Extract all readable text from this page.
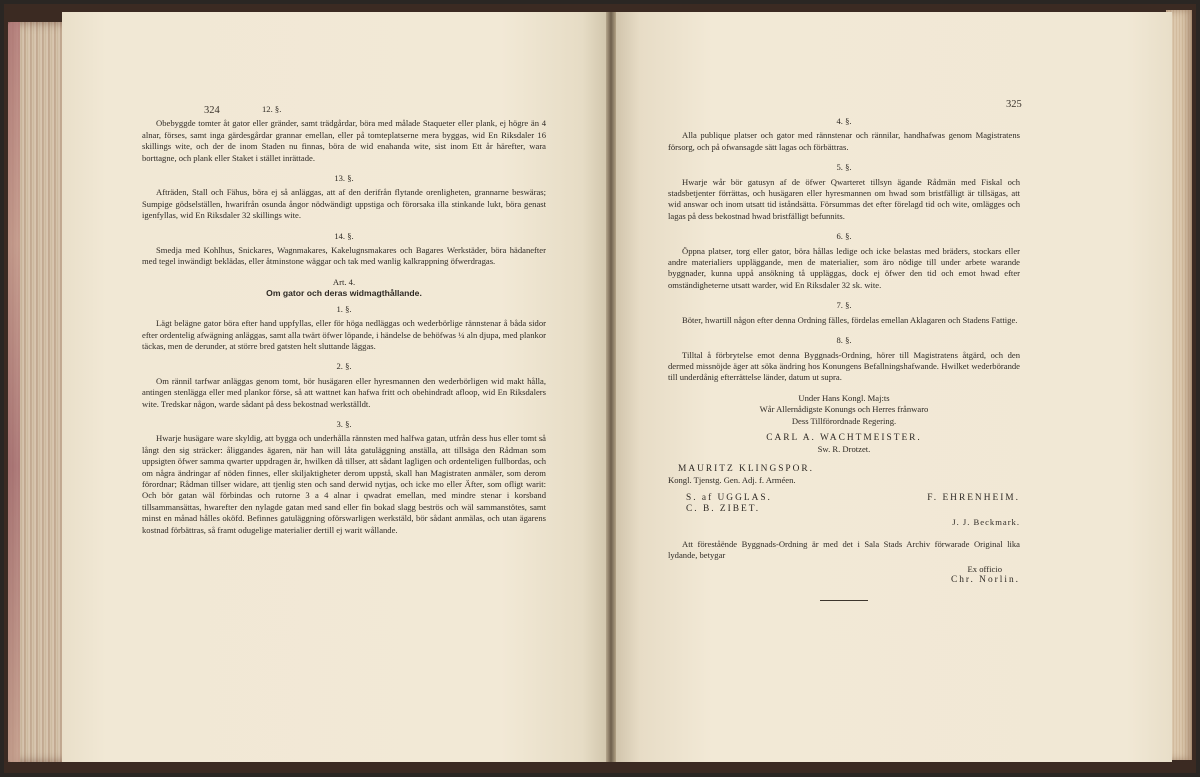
324
325
12. §.

Obebyggde tomter åt gator eller gränder, samt trädgårdar, böra med målade Staqueter eller plank, ej högre än 4 alnar, förses, samt inga gärdesgårdar grannar emellan, eller på tomteplatserne mera byggas, wid En Riksdaler 16 skillings wite, och der de inom Staden nu finnas, böra de wid enahanda wite, sist inom Ett år härefter, wara borttagne, och plank eller Staket i stället inrättade.

13. §.

Afträden, Stall och Fähus, böra ej så anläggas, att af den derifrån flytande orenligheten, grannarne beswäras; Sumpige gödselställen, hwarifrån osunda ångor nödwändigt uppstiga och förorsaka illa stinkande lukt, böra genast igenfyllas, wid En Riksdaler 32 skillings wite.

14. §.

Smedja med Kohlhus, Snickares, Wagnmakares, Kakelugnsmakares och Bagares Werkstäder, böra hädanefter med tegel inwändigt beklädas, eller åtminstone wäggar och tak med wanlig kalkrappning öfwerdragas.

Art. 4.
Om gator och deras widmagthållande.
1. §.

Lägt belägne gator böra efter hand uppfyllas, eller för höga nedläggas och wederbörlige rännstenar å båda sidor efter ordentelig afwägning anläggas, samt alla twärt öfwer löpande, i händelse de behöfwas ¼ aln djupa, med plankor täckas, men de derunder, at större bred gatsten helt sluttande läggas.

2. §.

Om rännil tarfwar anläggas genom tomt, bör husägaren eller hyresmannen den wederbörligen wid makt hålla, antingen stenlägga eller med plankor förse, så att wattnet kan hafwa fritt och obehindradt afloop, wid En Riksdalers wite. Tredskar någon, warde sådant på dess bekostnad werkställdt.

3. §.

Hwarje husägare ware skyldig, att bygga och underhålla rännsten med halfwa gatan, utfrån dess hus eller tomt så långt den sig sträcker: åliggandes ägaren, när han will låta gatuläggning anställa, att tillsäga den Rådman som uppsigten öfwer samma qwarter uppdragen är, hwilken då tillser, att sådant lagligen och ordenteligen fullbordas, och om några ändringar af nöden finnes, eller skiljaktigheter derom uppstå, skall han Magistraten anmäler, som derom förordnar; Rådman tillser widare, att tjenlig sten och sand derwid nytjas, och icke mo eller Äfter, som ofligt warit: Och bör gatan wäl förbindas och rutorne 3 a 4 alnar i qwadrat emellan, med mindre stenar i korsband tillsammansättas, hwarefter den nylagde gatan med sand eller fin bokad slagg beströs och wäl sammanstötes, samt minst en månad hålles oköfd. Befinnes gatuläggning oförswarligen werkstäld, bör sådant anmälas, och utan ägarens kostnad förbättras, så framt odugelige materialier dertill ej warit wållande.

4. §.

Alla publique platser och gator med rännstenar och rännilar, handhafwas genom Magistratens försorg, och på ofwansagde sätt lagas och förbättras.

5. §.

Hwarje wår bör gatusyn af de öfwer Qwarteret tillsyn ägande Rådmän med Fiskal och stadsbetjenter förrättas, och husägaren eller hyresmannen om hwad som bristfälligt är tillsägas, att wid answar och inom utsatt tid iståndsätta. Försummas det efter förelagd tid och wite, omlägges och lagas på dess bekostnad hwad bristfälligt befunnits.

6. §.

Öppna platser, torg eller gator, böra hållas ledige och icke belastas med bräders, stockars eller andre materialiers uppläggande, men de materialier, som äro nödige till under arbete warande byggnader, kunna uppå ansökning tå uppläggas, dock ej öfwer den tid och emot hwad efter omständigheterne utsatt warder, wid En Riksdaler 32 sk. wite.

7. §.

Böter, hwartill någon efter denna Ordning fälles, fördelas emellan Aklagaren och Stadens Fattige.

8. §.

Tilltal å förbrytelse emot denna Byggnads-Ordning, hörer till Magistratens åtgärd, och den dermed missnöjde äger att söka ändring hos Konungens Befallningshafwande. Hwilket wederbörande till underdånig efterrättelse länder, datum ut supra.

Under Hans Kongl. Maj:ts
Wår Allernådigste Konungs och Herres frånwaro
Dess Tillförordnade Regering.
CARL A. WACHTMEISTER.
Sw. R. Drotzet.
MAURITZ KLINGSPOR.
Kongl. Tjenstg. Gen. Adj. f. Arméen.
S. af UGGLAS.	F. EHRENHEIM.
C. B. ZIBET.
J. J. Beckmark.

Att föreståënde Byggnads-Ordning är med det i Sala Stads Archiv förwarade Original lika lydande, betygar

Ex officio
Chr. Norlin.
